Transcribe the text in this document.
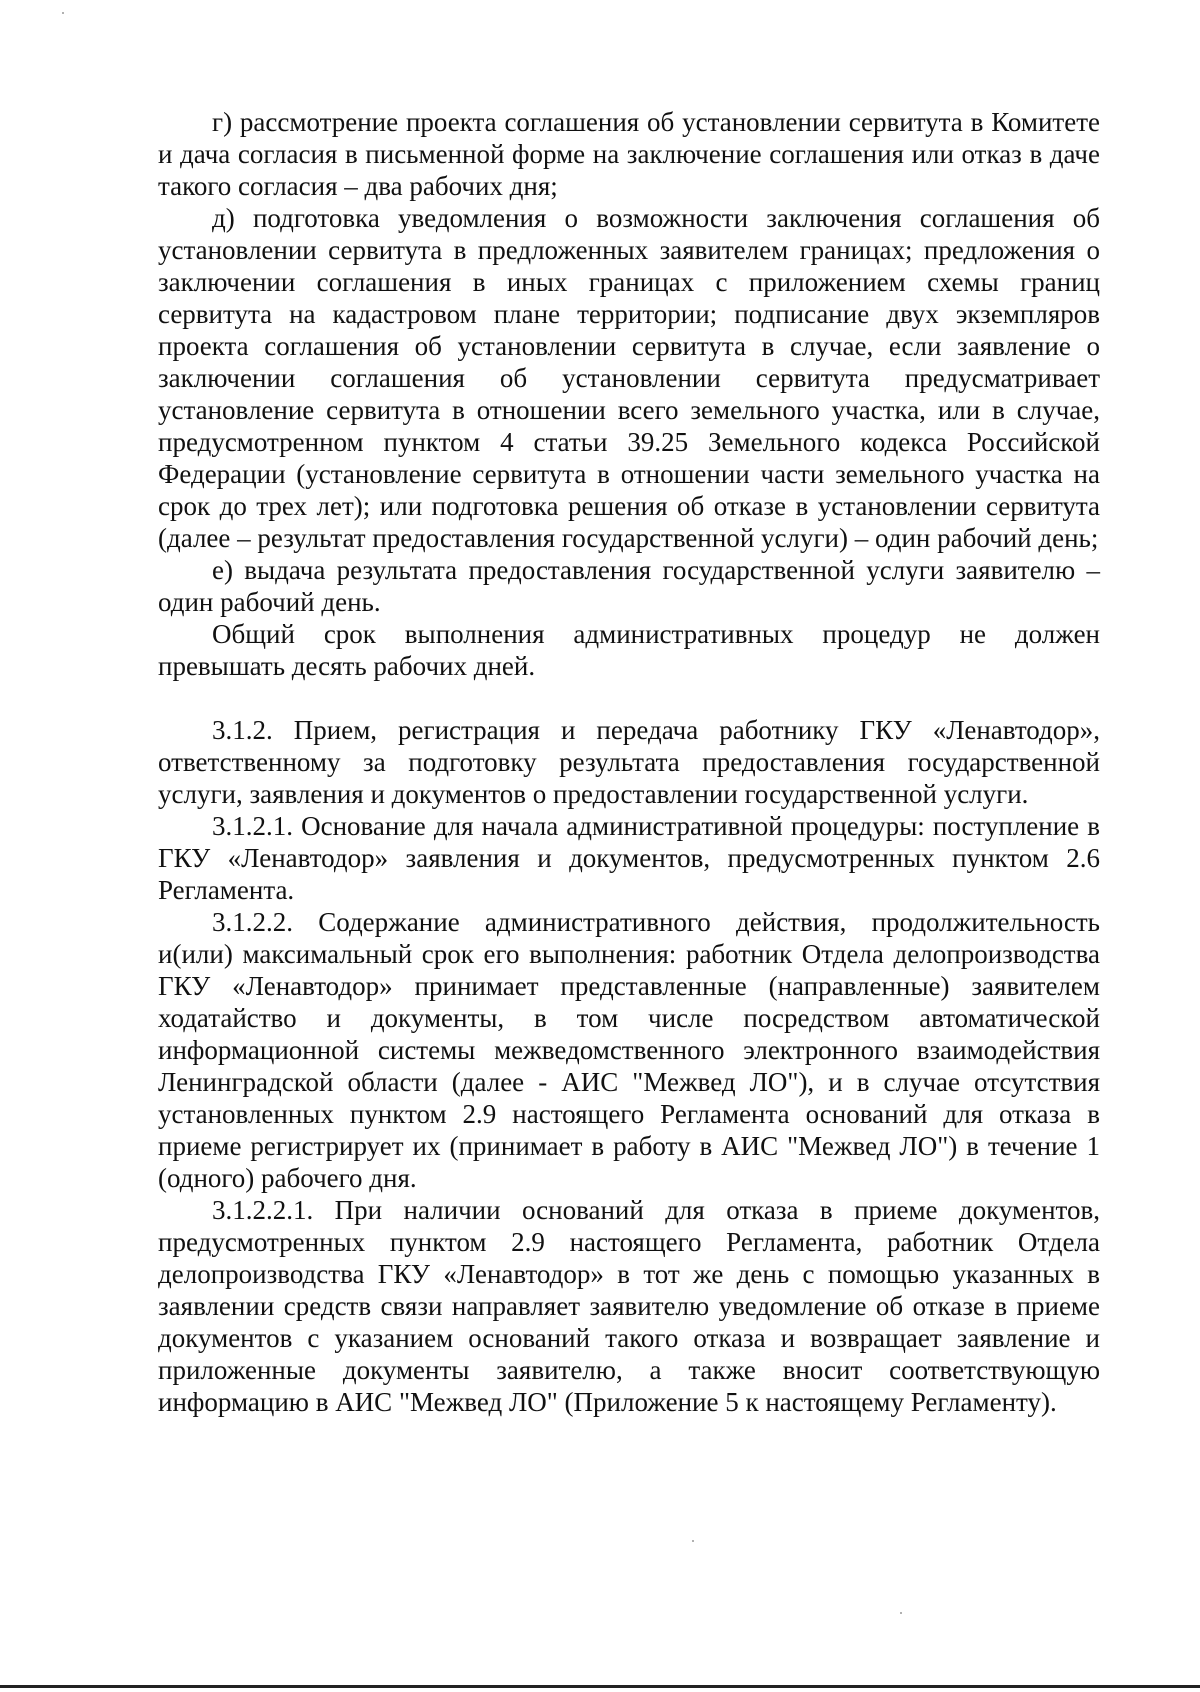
г) рассмотрение проекта соглашения об установлении сервитута в Комитете и дача согласия в письменной форме на заключение соглашения или отказ в даче такого согласия – два рабочих дня;

д) подготовка уведомления о возможности заключения соглашения об установлении сервитута в предложенных заявителем границах; предложения о заключении соглашения в иных границах с приложением схемы границ сервитута на кадастровом плане территории; подписание двух экземпляров проекта соглашения об установлении сервитута в случае, если заявление о заключении соглашения об установлении сервитута предусматривает установление сервитута в отношении всего земельного участка, или в случае, предусмотренном пунктом 4 статьи 39.25 Земельного кодекса Российской Федерации (установление сервитута в отношении части земельного участка на срок до трех лет); или подготовка решения об отказе в установлении сервитута (далее – результат предоставления государственной услуги) – один рабочий день;

е) выдача результата предоставления государственной услуги заявителю – один рабочий день.

Общий срок выполнения административных процедур не должен превышать десять рабочих дней.

3.1.2. Прием, регистрация и передача работнику ГКУ «Ленавтодор», ответственному за подготовку результата предоставления государственной услуги, заявления и документов о предоставлении государственной услуги.

3.1.2.1. Основание для начала административной процедуры: поступление в ГКУ «Ленавтодор» заявления и документов, предусмотренных пунктом 2.6 Регламента.

3.1.2.2. Содержание административного действия, продолжительность и(или) максимальный срок его выполнения: работник Отдела делопроизводства ГКУ «Ленавтодор» принимает представленные (направленные) заявителем ходатайство и документы, в том числе посредством автоматической информационной системы межведомственного электронного взаимодействия Ленинградской области (далее - АИС "Межвед ЛО"), и в случае отсутствия установленных пунктом 2.9 настоящего Регламента оснований для отказа в приеме регистрирует их (принимает в работу в АИС "Межвед ЛО") в течение 1 (одного) рабочего дня.

3.1.2.2.1. При наличии оснований для отказа в приеме документов, предусмотренных пунктом 2.9 настоящего Регламента, работник Отдела делопроизводства ГКУ «Ленавтодор» в тот же день с помощью указанных в заявлении средств связи направляет заявителю уведомление об отказе в приеме документов с указанием оснований такого отказа и возвращает заявление и приложенные документы заявителю, а также вносит соответствующую информацию в АИС "Межвед ЛО" (Приложение 5 к настоящему Регламенту).
